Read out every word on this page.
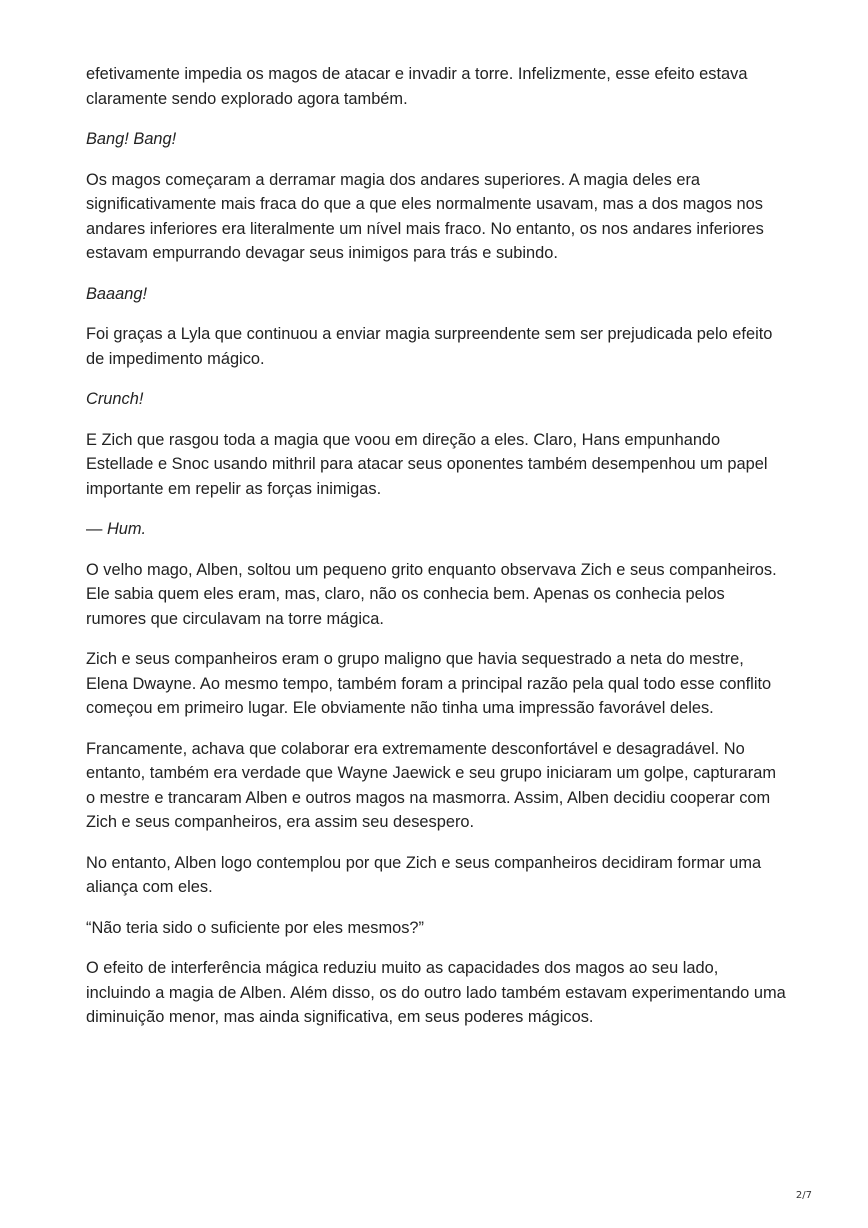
efetivamente impedia os magos de atacar e invadir a torre. Infelizmente, esse efeito estava claramente sendo explorado agora também.

Bang! Bang!

Os magos começaram a derramar magia dos andares superiores. A magia deles era significativamente mais fraca do que a que eles normalmente usavam, mas a dos magos nos andares inferiores era literalmente um nível mais fraco. No entanto, os nos andares inferiores estavam empurrando devagar seus inimigos para trás e subindo.

Baaang!

Foi graças a Lyla que continuou a enviar magia surpreendente sem ser prejudicada pelo efeito de impedimento mágico.

Crunch!

E Zich que rasgou toda a magia que voou em direção a eles. Claro, Hans empunhando Estellade e Snoc usando mithril para atacar seus oponentes também desempenhou um papel importante em repelir as forças inimigas.

— Hum.

O velho mago, Alben, soltou um pequeno grito enquanto observava Zich e seus companheiros. Ele sabia quem eles eram, mas, claro, não os conhecia bem. Apenas os conhecia pelos rumores que circulavam na torre mágica.

Zich e seus companheiros eram o grupo maligno que havia sequestrado a neta do mestre, Elena Dwayne. Ao mesmo tempo, também foram a principal razão pela qual todo esse conflito começou em primeiro lugar. Ele obviamente não tinha uma impressão favorável deles.

Francamente, achava que colaborar era extremamente desconfortável e desagradável. No entanto, também era verdade que Wayne Jaewick e seu grupo iniciaram um golpe, capturaram o mestre e trancaram Alben e outros magos na masmorra. Assim, Alben decidiu cooperar com Zich e seus companheiros, era assim seu desespero.

No entanto, Alben logo contemplou por que Zich e seus companheiros decidiram formar uma aliança com eles.

“Não teria sido o suficiente por eles mesmos?”

O efeito de interferência mágica reduziu muito as capacidades dos magos ao seu lado, incluindo a magia de Alben. Além disso, os do outro lado também estavam experimentando uma diminuição menor, mas ainda significativa, em seus poderes mágicos.

2/7
